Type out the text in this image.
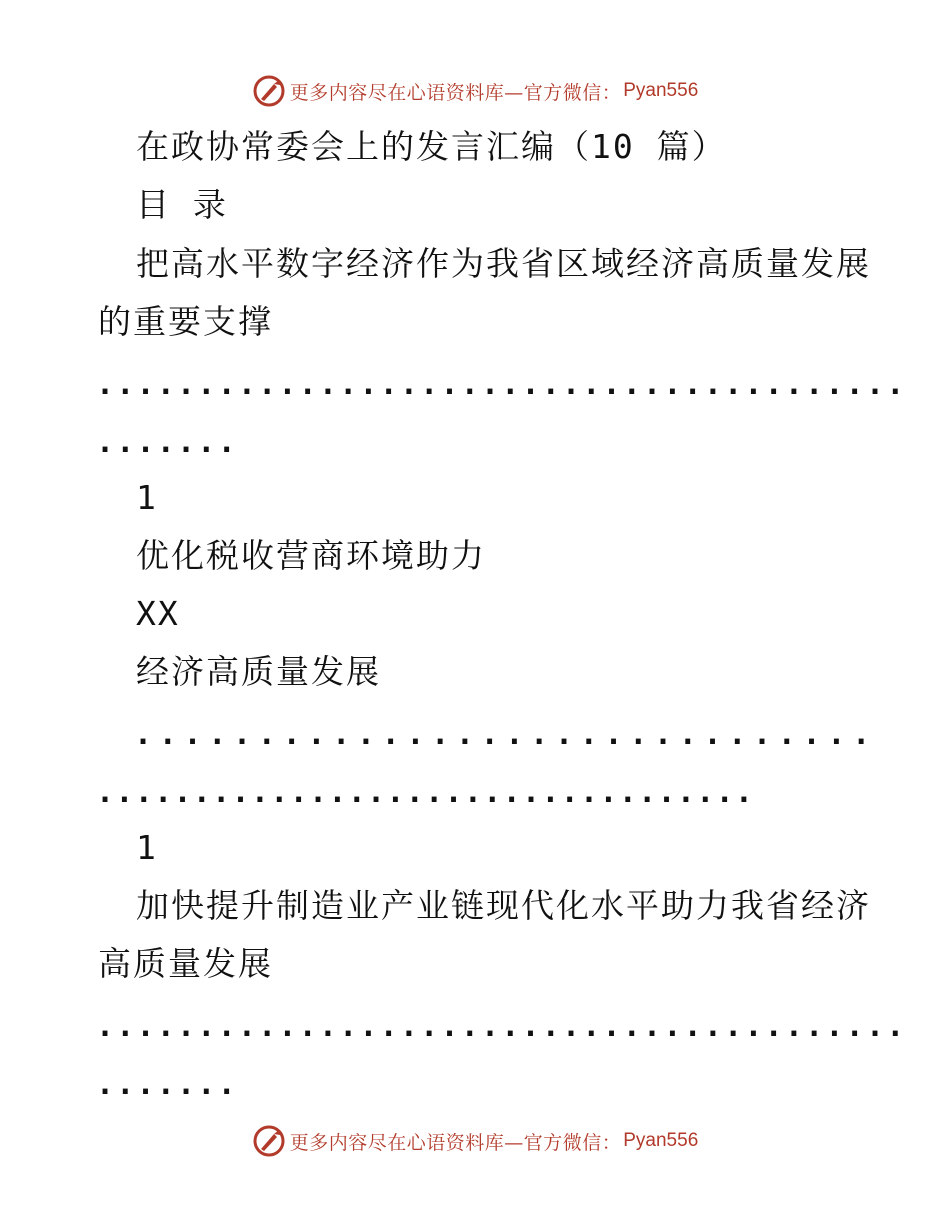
更多内容尽在心语资料库—官方微信： Pyan556
在政协常委会上的发言汇编（10 篇）
目 录
把高水平数字经济作为我省区域经济高质量发展
的重要支撑
........................................
.......
1
优化税收营商环境助力
XX
经济高质量发展
..............................
..................................
1
加快提升制造业产业链现代化水平助力我省经济
高质量发展
........................................
.......
更多内容尽在心语资料库—官方微信： Pyan556
